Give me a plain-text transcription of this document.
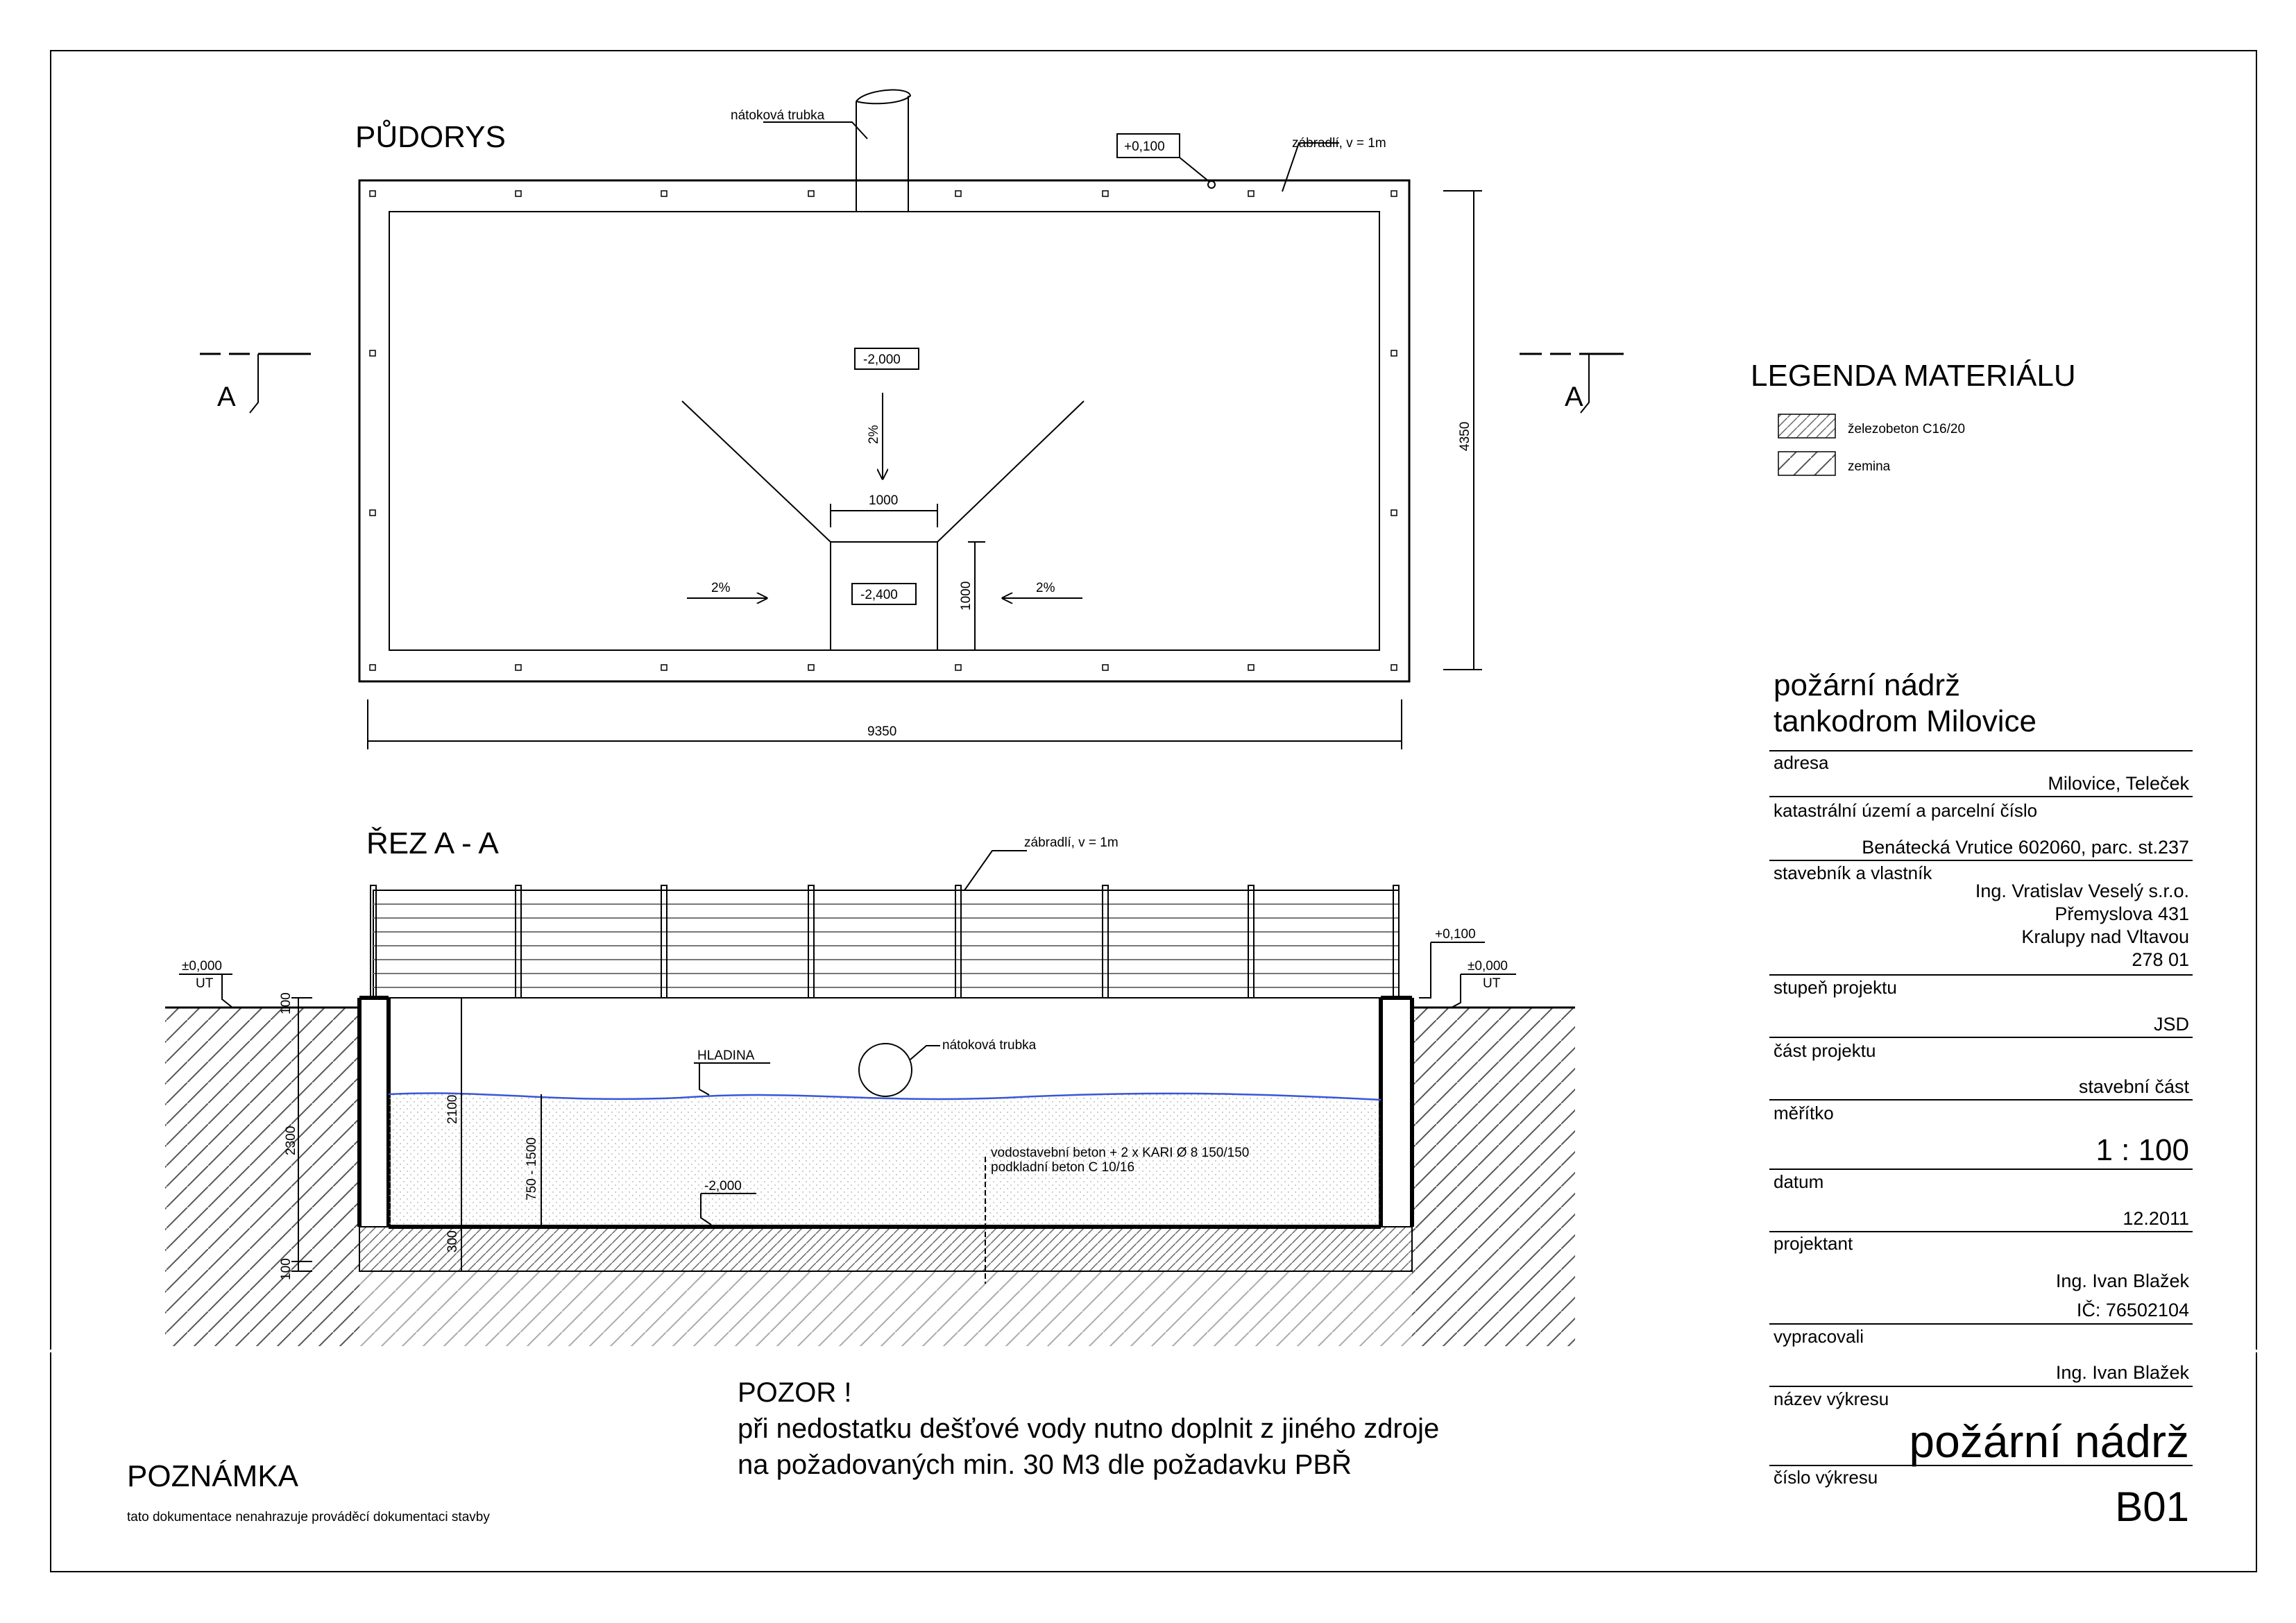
PŮDORYS
nátoková trubka
+0,100	zábradlí, v = 1m
A	A
-2,000
2%
-2,400
1000
1000
2%	2%
4350
9350
ŘEZ A - A	zábradlí, v = 1m
±0,000
UT
+0,100
±0,000
UT
HLADINA
nátoková trubka
vodostavební beton + 2 x KARI Ø 8 150/150
podkladní beton C 10/16
-2,000
100
2300
100
2100
300
750 - 1500
LEGENDA MATERIÁLU
železobeton C16/20
zemina
POZOR !
při nedostatku dešťové vody nutno doplnit z jiného zdroje
na požadovaných min. 30 M3 dle požadavku PBŘ
POZNÁMKA
tato dokumentace nenahrazuje prováděcí dokumentaci stavby
požární nádrž
tankodrom Milovice
adresa
Milovice, Teleček
katastrální území a parcelní číslo
Benátecká Vrutice 602060, parc. st.237
stavebník a vlastník
Ing. Vratislav Veselý s.r.o.
Přemyslova 431
Kralupy nad Vltavou
278 01
stupeň projektu
JSD
část projektu
stavební část
měřítko
1 : 100
datum
12.2011
projektant
Ing. Ivan Blažek
IČ: 76502104
vypracovali
Ing. Ivan Blažek
název výkresu
požární nádrž
číslo výkresu
B01
